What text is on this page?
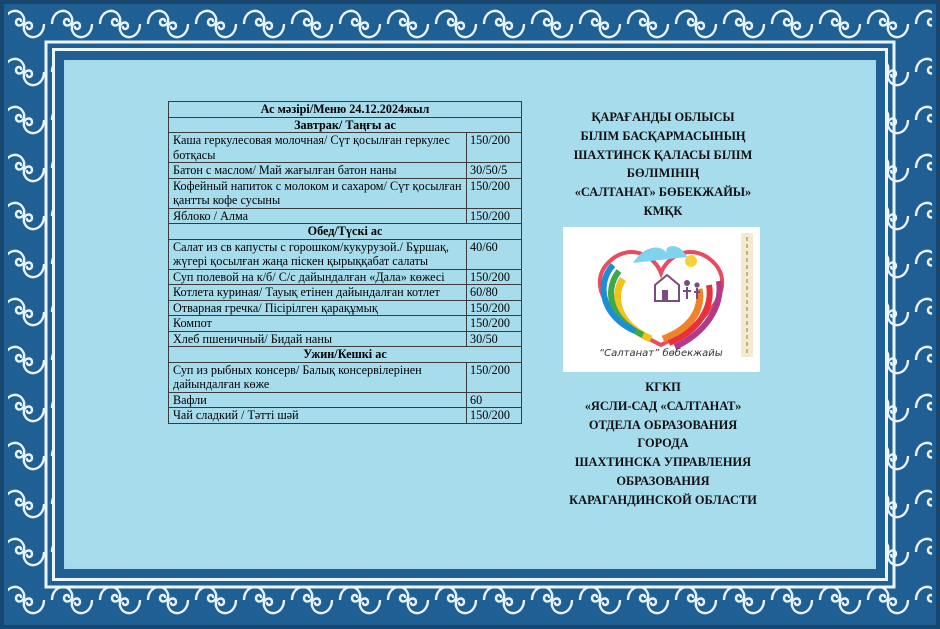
Ас мәзірі/Меню 24.12.2024жыл	
Завтрак/ Таңғы ас	
Каша геркулесовая молочная/ Сүт қосылған геркулес ботқасы	150/200
Батон с маслом/ Май жағылған батон наны	30/50/5
Кофейный напиток с молоком и сахаром/ Сүт қосылған қантты кофе сусыны	150/200
Яблоко / Алма	150/200
Обед/Түскі ас	
Салат из св капусты с горошком/кукурузой./ Бұршақ, жүгері қосылған жаңа піскен қырыққабат салаты	40/60
Суп полевой на к/б/ С/с дайындалған «Дала» көжесі	150/200
Котлета куриная/ Тауық етінен дайындалған котлет	60/80
Отварная гречка/ Пісірілген қарақұмық	150/200
Компот	150/200
Хлеб пшеничный/ Бидай наны	30/50
Ужин/Кешкі ас	
Суп из рыбных консерв/ Балық консервілерінен дайындалған көже	150/200
Вафли	60
Чай сладкий / Тәтті шәй	150/200
ҚАРАҒАНДЫ ОБЛЫСЫ
БІЛІМ БАСҚАРМАСЫНЫҢ
ШАХТИНСК ҚАЛАСЫ БІЛІМ
БӨЛІМІНІҢ
«САЛТАНАТ» БӨБЕКЖАЙЫ»
КМҚК
“Салтанат” бөбекжайы
КГКП
«ЯСЛИ-САД «САЛТАНАТ»
ОТДЕЛА ОБРАЗОВАНИЯ
ГОРОДА
ШАХТИНСКА УПРАВЛЕНИЯ
ОБРАЗОВАНИЯ
КАРАГАНДИНСКОЙ ОБЛАСТИ
